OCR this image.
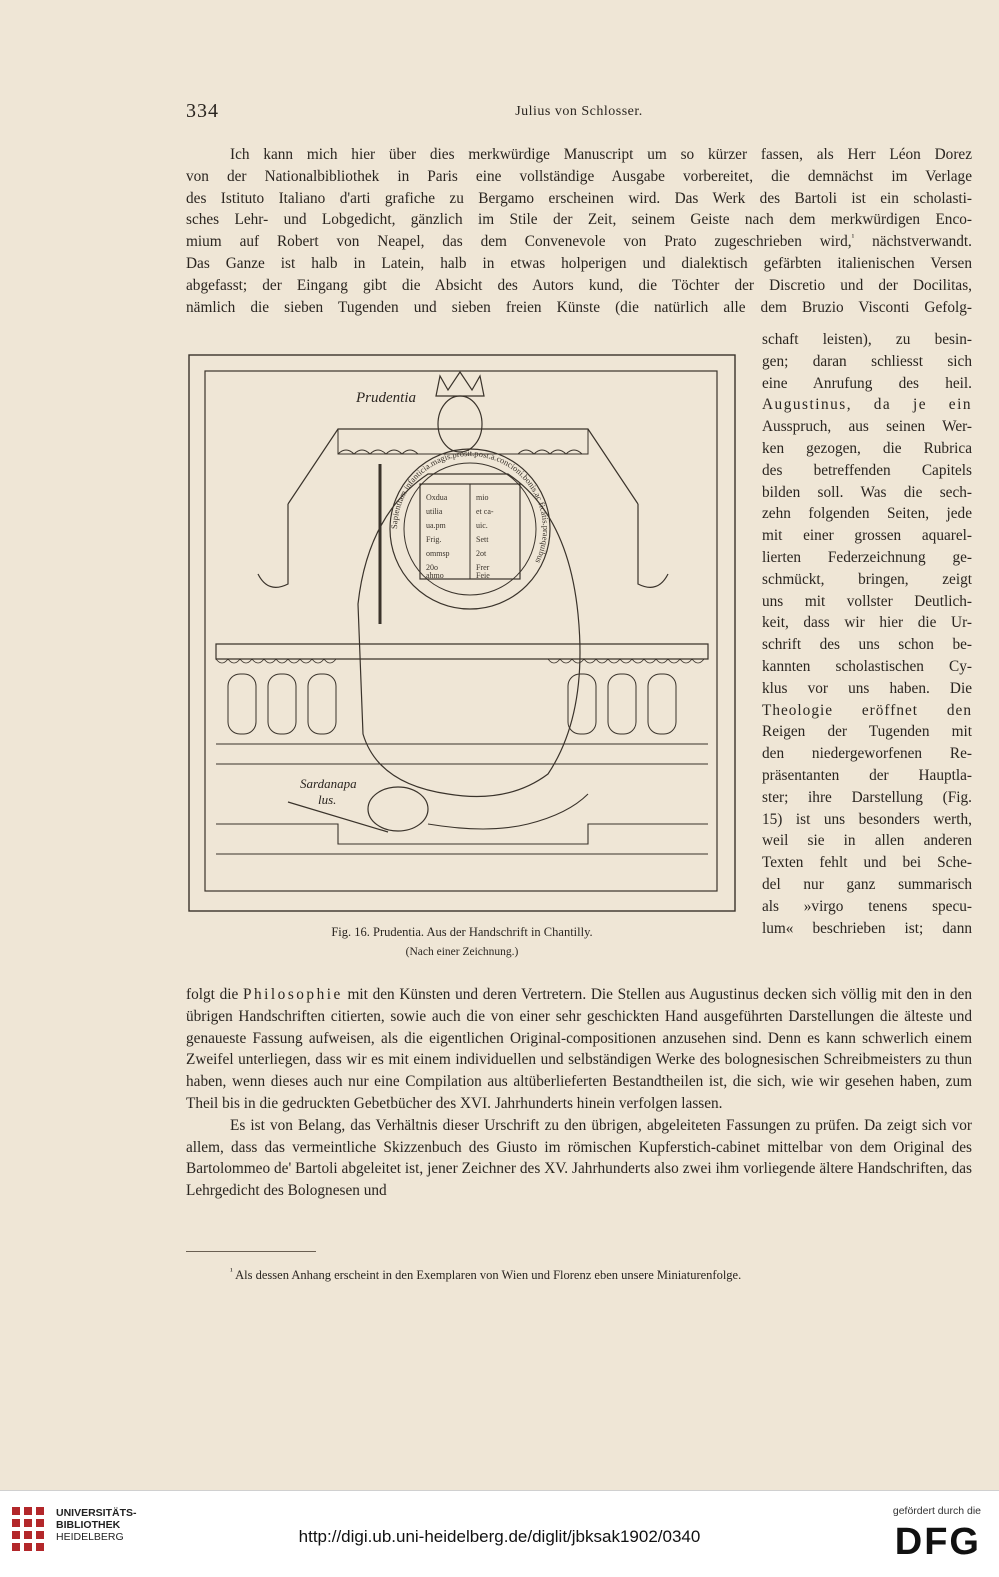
334	Julius von Schlosser.

Ich kann mich hier über dies merkwürdige Manuscript um so kürzer fassen, als Herr Léon Dorez

von der Nationalbibliothek in Paris eine vollständige Ausgabe vorbereitet, die demnächst im Verlage

des Istituto Italiano d'arti grafiche zu Bergamo erscheinen wird. Das Werk des Bartoli ist ein scholasti-

sches Lehr- und Lobgedicht, gänzlich im Stile der Zeit, seinem Geiste nach dem merkwürdigen Enco-

mium auf Robert von Neapel, das dem Convenevole von Prato zugeschrieben wird,$^{^1}$ nächstverwandt.

Das Ganze ist halb in Latein, halb in etwas holperigen und dialektisch gefärbten italienischen Versen

abgefasst; der Eingang gibt die Absicht des Autors kund, die Töchter der Discretio und der Docilitas,

nämlich die sieben Tugenden und sieben freien Künste (die natürlich alle dem Bruzio Visconti Gefolg-

Sapientiam.infanticia.magis.prosit.post.a.concioni.bonis.ac.ficatis.praequibus
Oxdua	mio
utilia	et ca-
ua.pm	uic.
Frig.	Sett
ommsp	2ot
20o	Frer
ahmo	Feie
Prudentia
Sardanapa
lus.
Fig. 16. Prudentia. Aus der Handschrift in Chantilly.
(Nach einer Zeichnung.)
schaft leisten), zu besin-
gen; daran schliesst sich
eine Anrufung des heil.
Augustinus, da je ein
Ausspruch, aus seinen Wer-
ken gezogen, die Rubrica
des betreffenden Capitels
bilden soll. Was die sech-
zehn folgenden Seiten, jede
mit einer grossen aquarel-
lierten Federzeichnung ge-
schmückt, bringen, zeigt
uns mit vollster Deutlich-
keit, dass wir hier die Ur-
schrift des uns schon be-
kannten scholastischen Cy-
klus vor uns haben. Die
Theologie eröffnet den
Reigen der Tugenden mit
den niedergeworfenen Re-
präsentanten der Hauptla-
ster; ihre Darstellung (Fig.
15) ist uns besonders werth,
weil sie in allen anderen
Texten fehlt und bei Sche-
del nur ganz summarisch
als »virgo tenens specu-
lum« beschrieben ist; dann

folgt die Philosophie mit den Künsten und deren Vertretern. Die Stellen aus Augustinus decken sich völlig mit den in den übrigen Handschriften citierten, sowie auch die von einer sehr geschickten Hand ausgeführten Darstellungen die älteste und genaueste Fassung aufweisen, als die eigentlichen Original-compositionen anzusehen sind. Denn es kann schwerlich einem Zweifel unterliegen, dass wir es mit einem individuellen und selbständigen Werke des bolognesischen Schreibmeisters zu thun haben, wenn dieses auch nur eine Compilation aus altüberlieferten Bestandtheilen ist, die sich, wie wir gesehen haben, zum Theil bis in die gedruckten Gebetbücher des XVI. Jahrhunderts hinein verfolgen lassen.

Es ist von Belang, das Verhältnis dieser Urschrift zu den übrigen, abgeleiteten Fassungen zu prüfen. Da zeigt sich vor allem, dass das vermeintliche Skizzenbuch des Giusto im römischen Kupferstich-cabinet mittelbar von dem Original des Bartolommeo de' Bartoli abgeleitet ist, jener Zeichner des XV. Jahrhunderts also zwei ihm vorliegende ältere Handschriften, das Lehrgedicht des Bolognesen und

$^{^1}$ Als dessen Anhang erscheint in den Exemplaren von Wien und Florenz eben unsere Miniaturenfolge.
UNIVERSITÄTS-
BIBLIOTHEK
HEIDELBERG	http://digi.ub.uni-heidelberg.de/diglit/jbksak1902/0340
gefördert durch die
DFG
